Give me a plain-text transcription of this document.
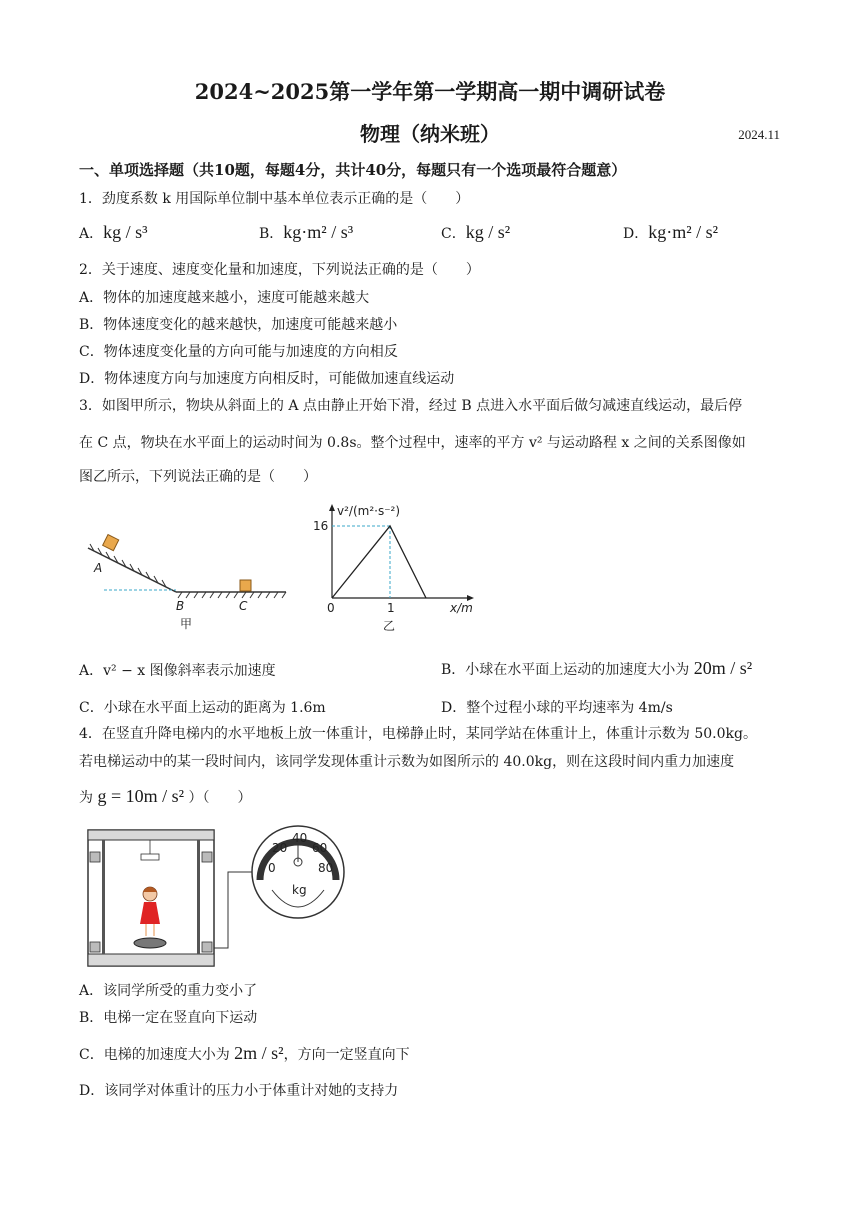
2024~2025第一学年第一学期高一期中调研试卷
物理（纳米班）	2024.11
一、单项选择题（共10题，每题4分，共计40分，每题只有一个选项最符合题意）
1．劲度系数 k 用国际单位制中基本单位表示正确的是（　　）
A．kg / s³	B．kg·m² / s³	C．kg / s²	D．kg·m² / s²
2．关于速度、速度变化量和加速度，下列说法正确的是（　　）
A．物体的加速度越来越小，速度可能越来越大
B．物体速度变化的越来越快，加速度可能越来越小
C．物体速度变化量的方向可能与加速度的方向相反
D．物体速度方向与加速度方向相反时，可能做加速直线运动
3．如图甲所示，物块从斜面上的 A 点由静止开始下滑，经过 B 点进入水平面后做匀减速直线运动，最后停
在 C 点，物块在水平面上的运动时间为 0.8s。整个过程中，速率的平方 v² 与运动路程 x 之间的关系图像如
图乙所示，下列说法正确的是（　　）
A
B	C
甲
v²/(m²·s⁻²)
16
0	1	x/m
乙
A．v² − x 图像斜率表示加速度	B．小球在水平面上运动的加速度大小为 20m / s²
C．小球在水平面上运动的距离为 1.6m	D．整个过程小球的平均速率为 4m/s
4．在竖直升降电梯内的水平地板上放一体重计，电梯静止时，某同学站在体重计上，体重计示数为 50.0kg。
若电梯运动中的某一段时间内，该同学发现体重计示数为如图所示的 40.0kg，则在这段时间内重力加速度
为 g = 10m / s² ）（　　）
0
20
40
60
80
kg
A．该同学所受的重力变小了
B．电梯一定在竖直向下运动
C．电梯的加速度大小为 2m / s²，方向一定竖直向下
D．该同学对体重计的压力小于体重计对她的支持力
